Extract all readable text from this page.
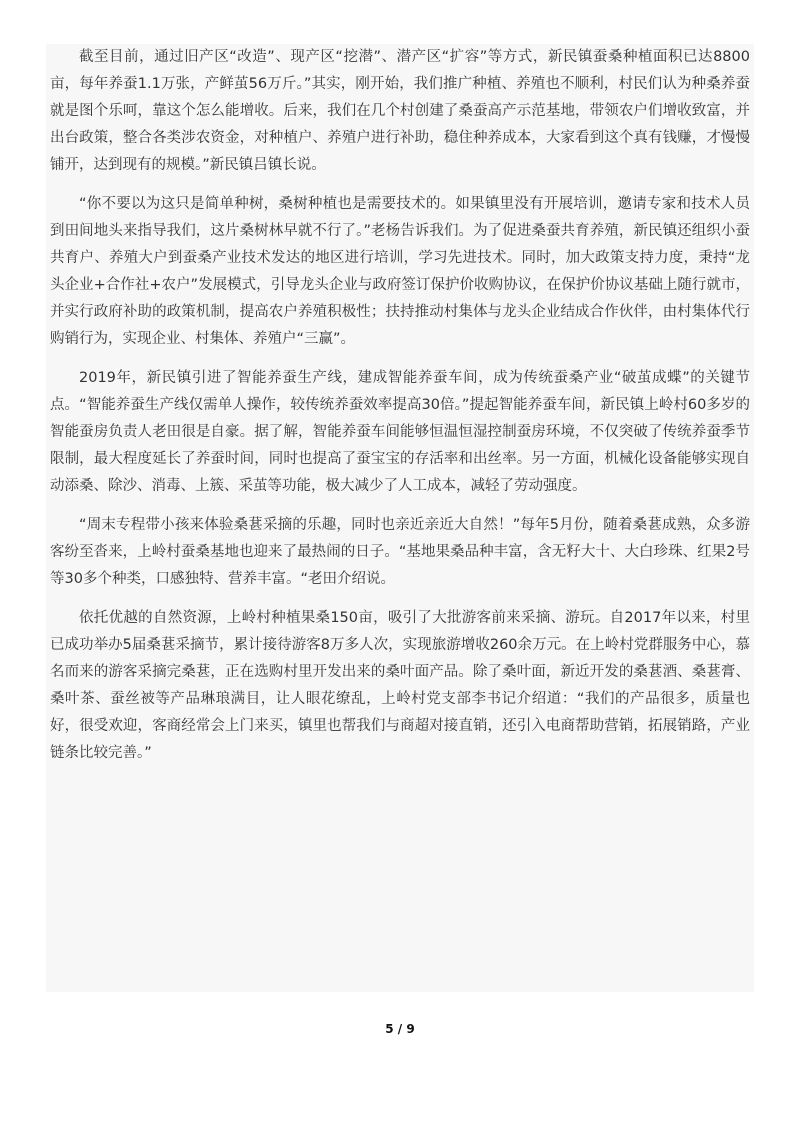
截至目前，通过旧产区“改造”、现产区“挖潜”、潜产区“扩容”等方式，新民镇蚕桑种植面积已达8800亩，每年养蚕1.1万张，产鲜茧56万斤。”其实，刚开始，我们推广种植、养殖也不顺利，村民们认为种桑养蚕就是图个乐呵，靠这个怎么能增收。后来，我们在几个村创建了桑蚕高产示范基地，带领农户们增收致富，并出台政策，整合各类涉农资金，对种植户、养殖户进行补助，稳住种养成本，大家看到这个真有钱赚，才慢慢铺开，达到现有的规模。”新民镇吕镇长说。

“你不要以为这只是简单种树，桑树种植也是需要技术的。如果镇里没有开展培训，邀请专家和技术人员到田间地头来指导我们，这片桑树林早就不行了。”老杨告诉我们。为了促进桑蚕共育养殖，新民镇还组织小蚕共育户、养殖大户到蚕桑产业技术发达的地区进行培训，学习先进技术。同时，加大政策支持力度，秉持“龙头企业+合作社+农户”发展模式，引导龙头企业与政府签订保护价收购协议，在保护价协议基础上随行就市，并实行政府补助的政策机制，提高农户养殖积极性；扶持推动村集体与龙头企业结成合作伙伴，由村集体代行购销行为，实现企业、村集体、养殖户“三赢”。

2019年，新民镇引进了智能养蚕生产线，建成智能养蚕车间，成为传统蚕桑产业“破茧成蝶”的关键节点。“智能养蚕生产线仅需单人操作，较传统养蚕效率提高30倍。”提起智能养蚕车间，新民镇上岭村60多岁的智能蚕房负责人老田很是自豪。据了解，智能养蚕车间能够恒温恒湿控制蚕房环境，不仅突破了传统养蚕季节限制，最大程度延长了养蚕时间，同时也提高了蚕宝宝的存活率和出丝率。另一方面，机械化设备能够实现自动添桑、除沙、消毒、上簇、采茧等功能，极大减少了人工成本，减轻了劳动强度。

“周末专程带小孩来体验桑葚采摘的乐趣，同时也亲近亲近大自然！”每年5月份，随着桑葚成熟，众多游客纷至沓来，上岭村蚕桑基地也迎来了最热闹的日子。“基地果桑品种丰富，含无籽大十、大白珍珠、红果2号等30多个种类，口感独特、营养丰富。“老田介绍说。

依托优越的自然资源，上岭村种植果桑150亩，吸引了大批游客前来采摘、游玩。自2017年以来，村里已成功举办5届桑葚采摘节，累计接待游客8万多人次，实现旅游增收260余万元。在上岭村党群服务中心，慕名而来的游客采摘完桑葚，正在选购村里开发出来的桑叶面产品。除了桑叶面，新近开发的桑葚酒、桑葚膏、桑叶茶、蚕丝被等产品琳琅满目，让人眼花缭乱，上岭村党支部李书记介绍道：“我们的产品很多，质量也好，很受欢迎，客商经常会上门来买，镇里也帮我们与商超对接直销，还引入电商帮助营销，拓展销路，产业链条比较完善。”

5 / 9
